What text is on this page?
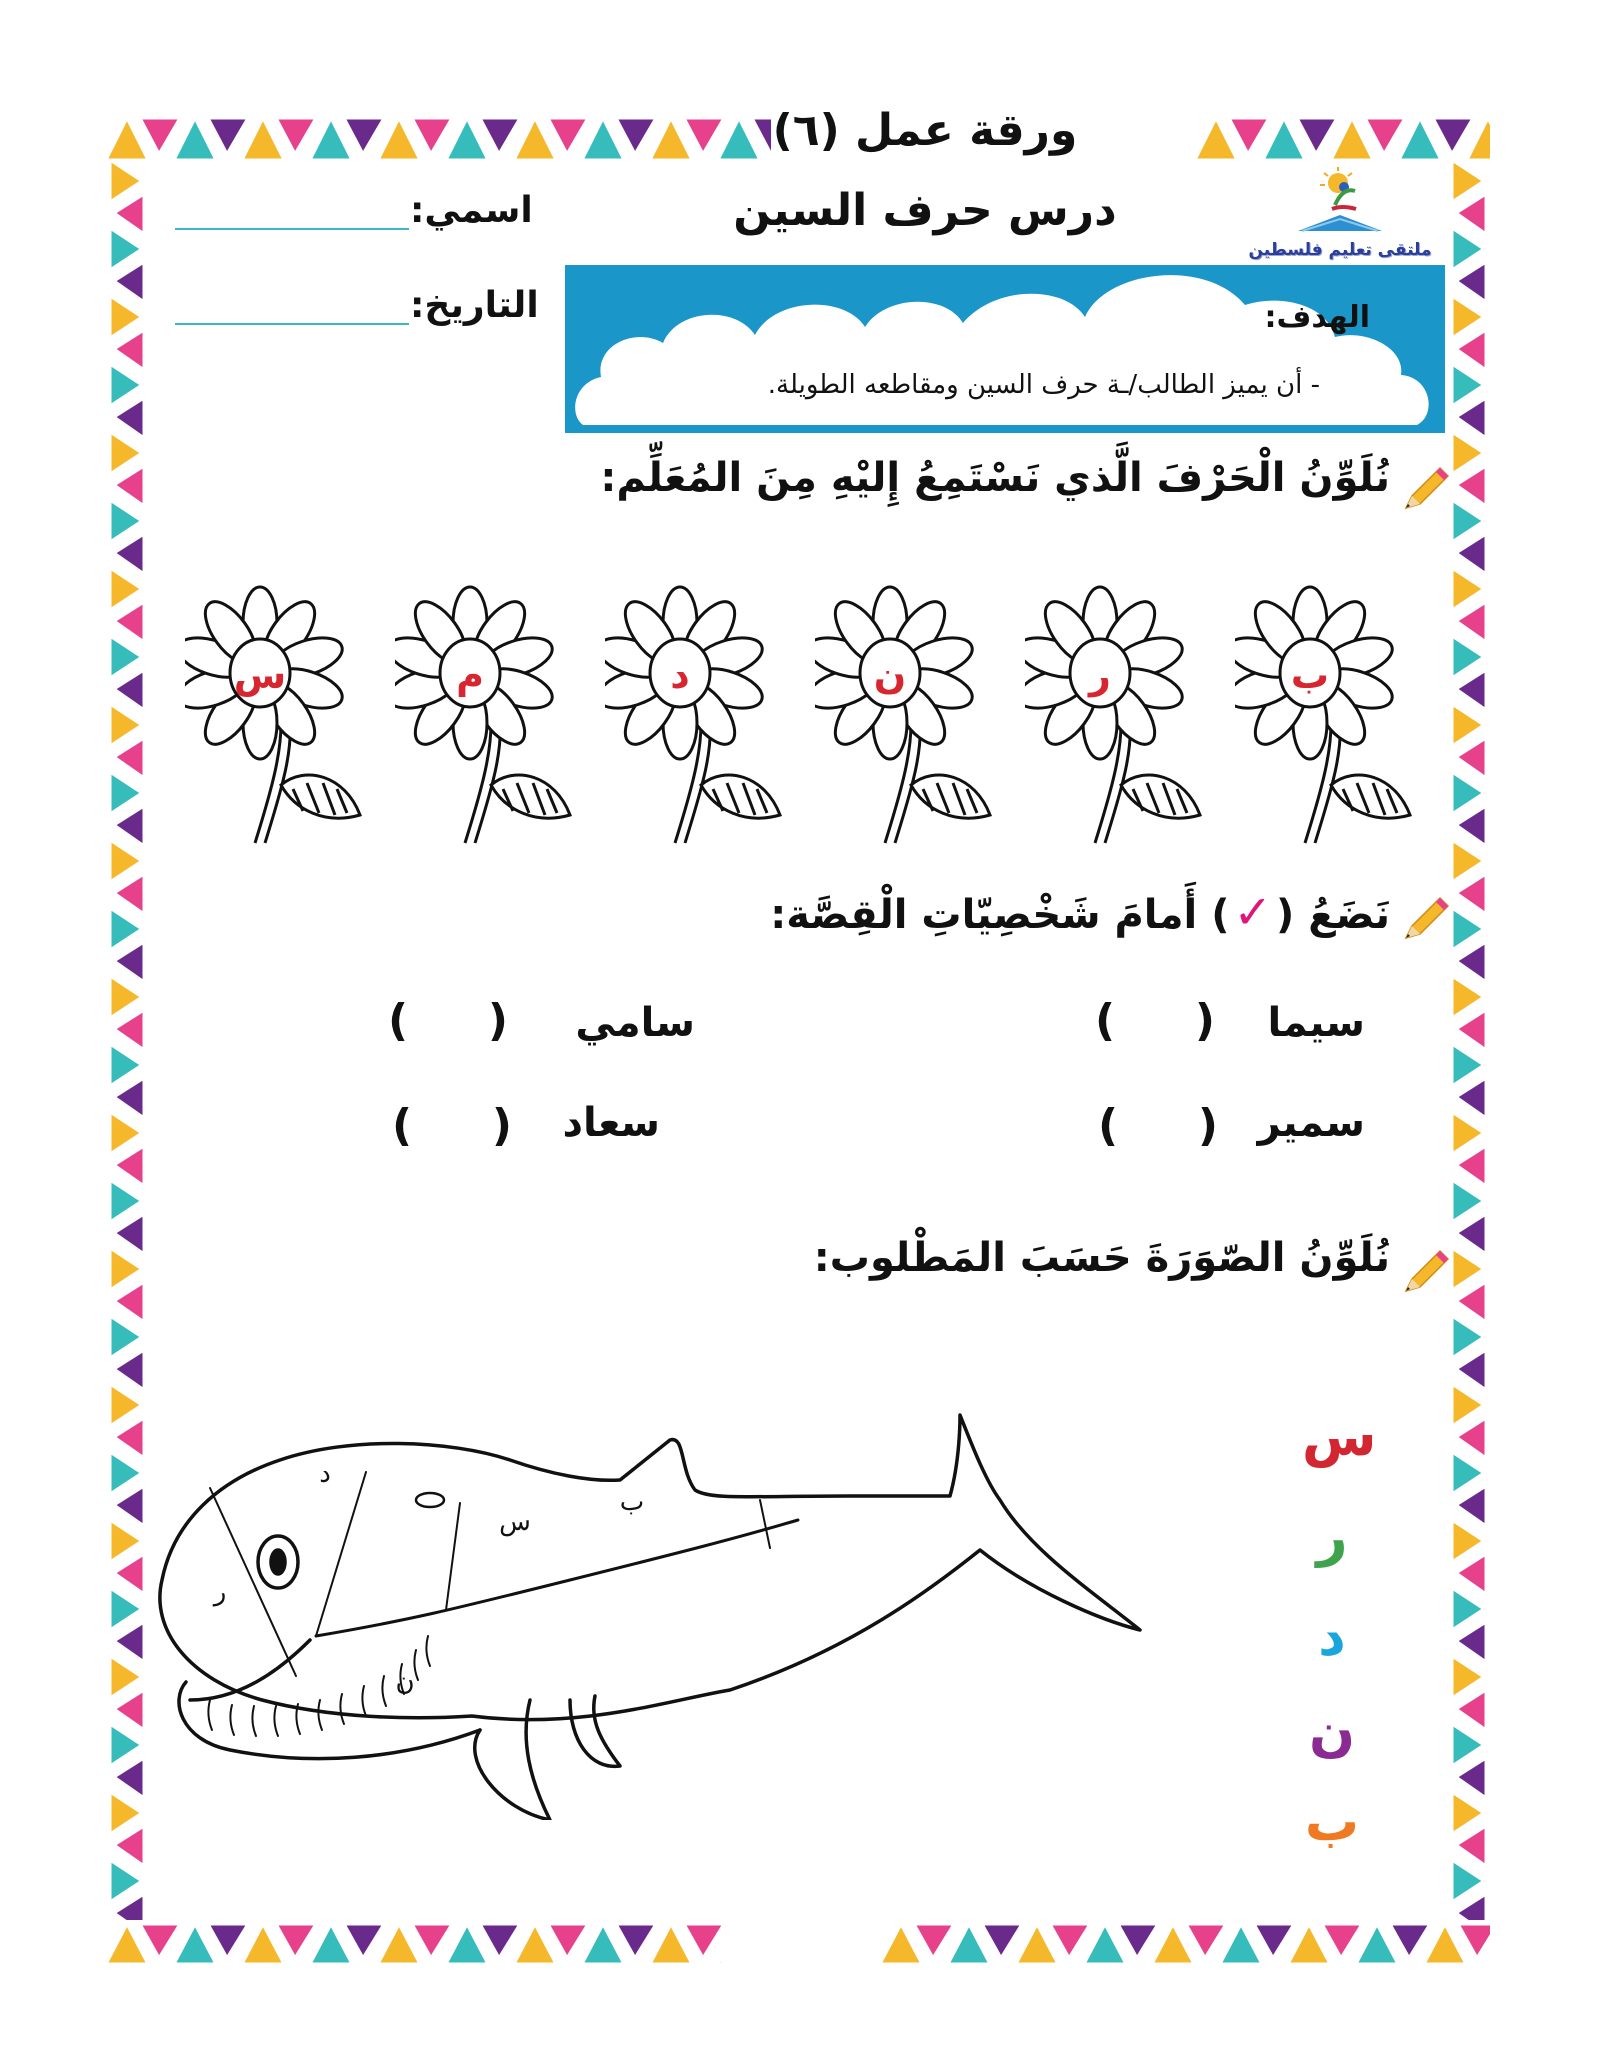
ورقة عمل (٦)
درس حرف السين
ملتقى تعليم فلسطين
اسمي:
التاريخ:	الهدف:
- أن يميز الطالب/ـة حرف السين ومقاطعه الطويلة.
نُلَوِّنُ الْحَرْفَ الَّذي نَسْتَمِعُ إِليْهِ مِنَ المُعَلِّم:
ب
ر
ن
د
م
س
نَضَعُ (✓) أَمامَ شَخْصِيّاتِ الْقِصَّة:
سيما
( )
سامي
( )
سمير
( )
سعاد
( )
نُلَوِّنُ الصّوَرَةَ حَسَبَ المَطْلوب:
ر
د
س
ب
ن
س
ر
د
ن
ب
